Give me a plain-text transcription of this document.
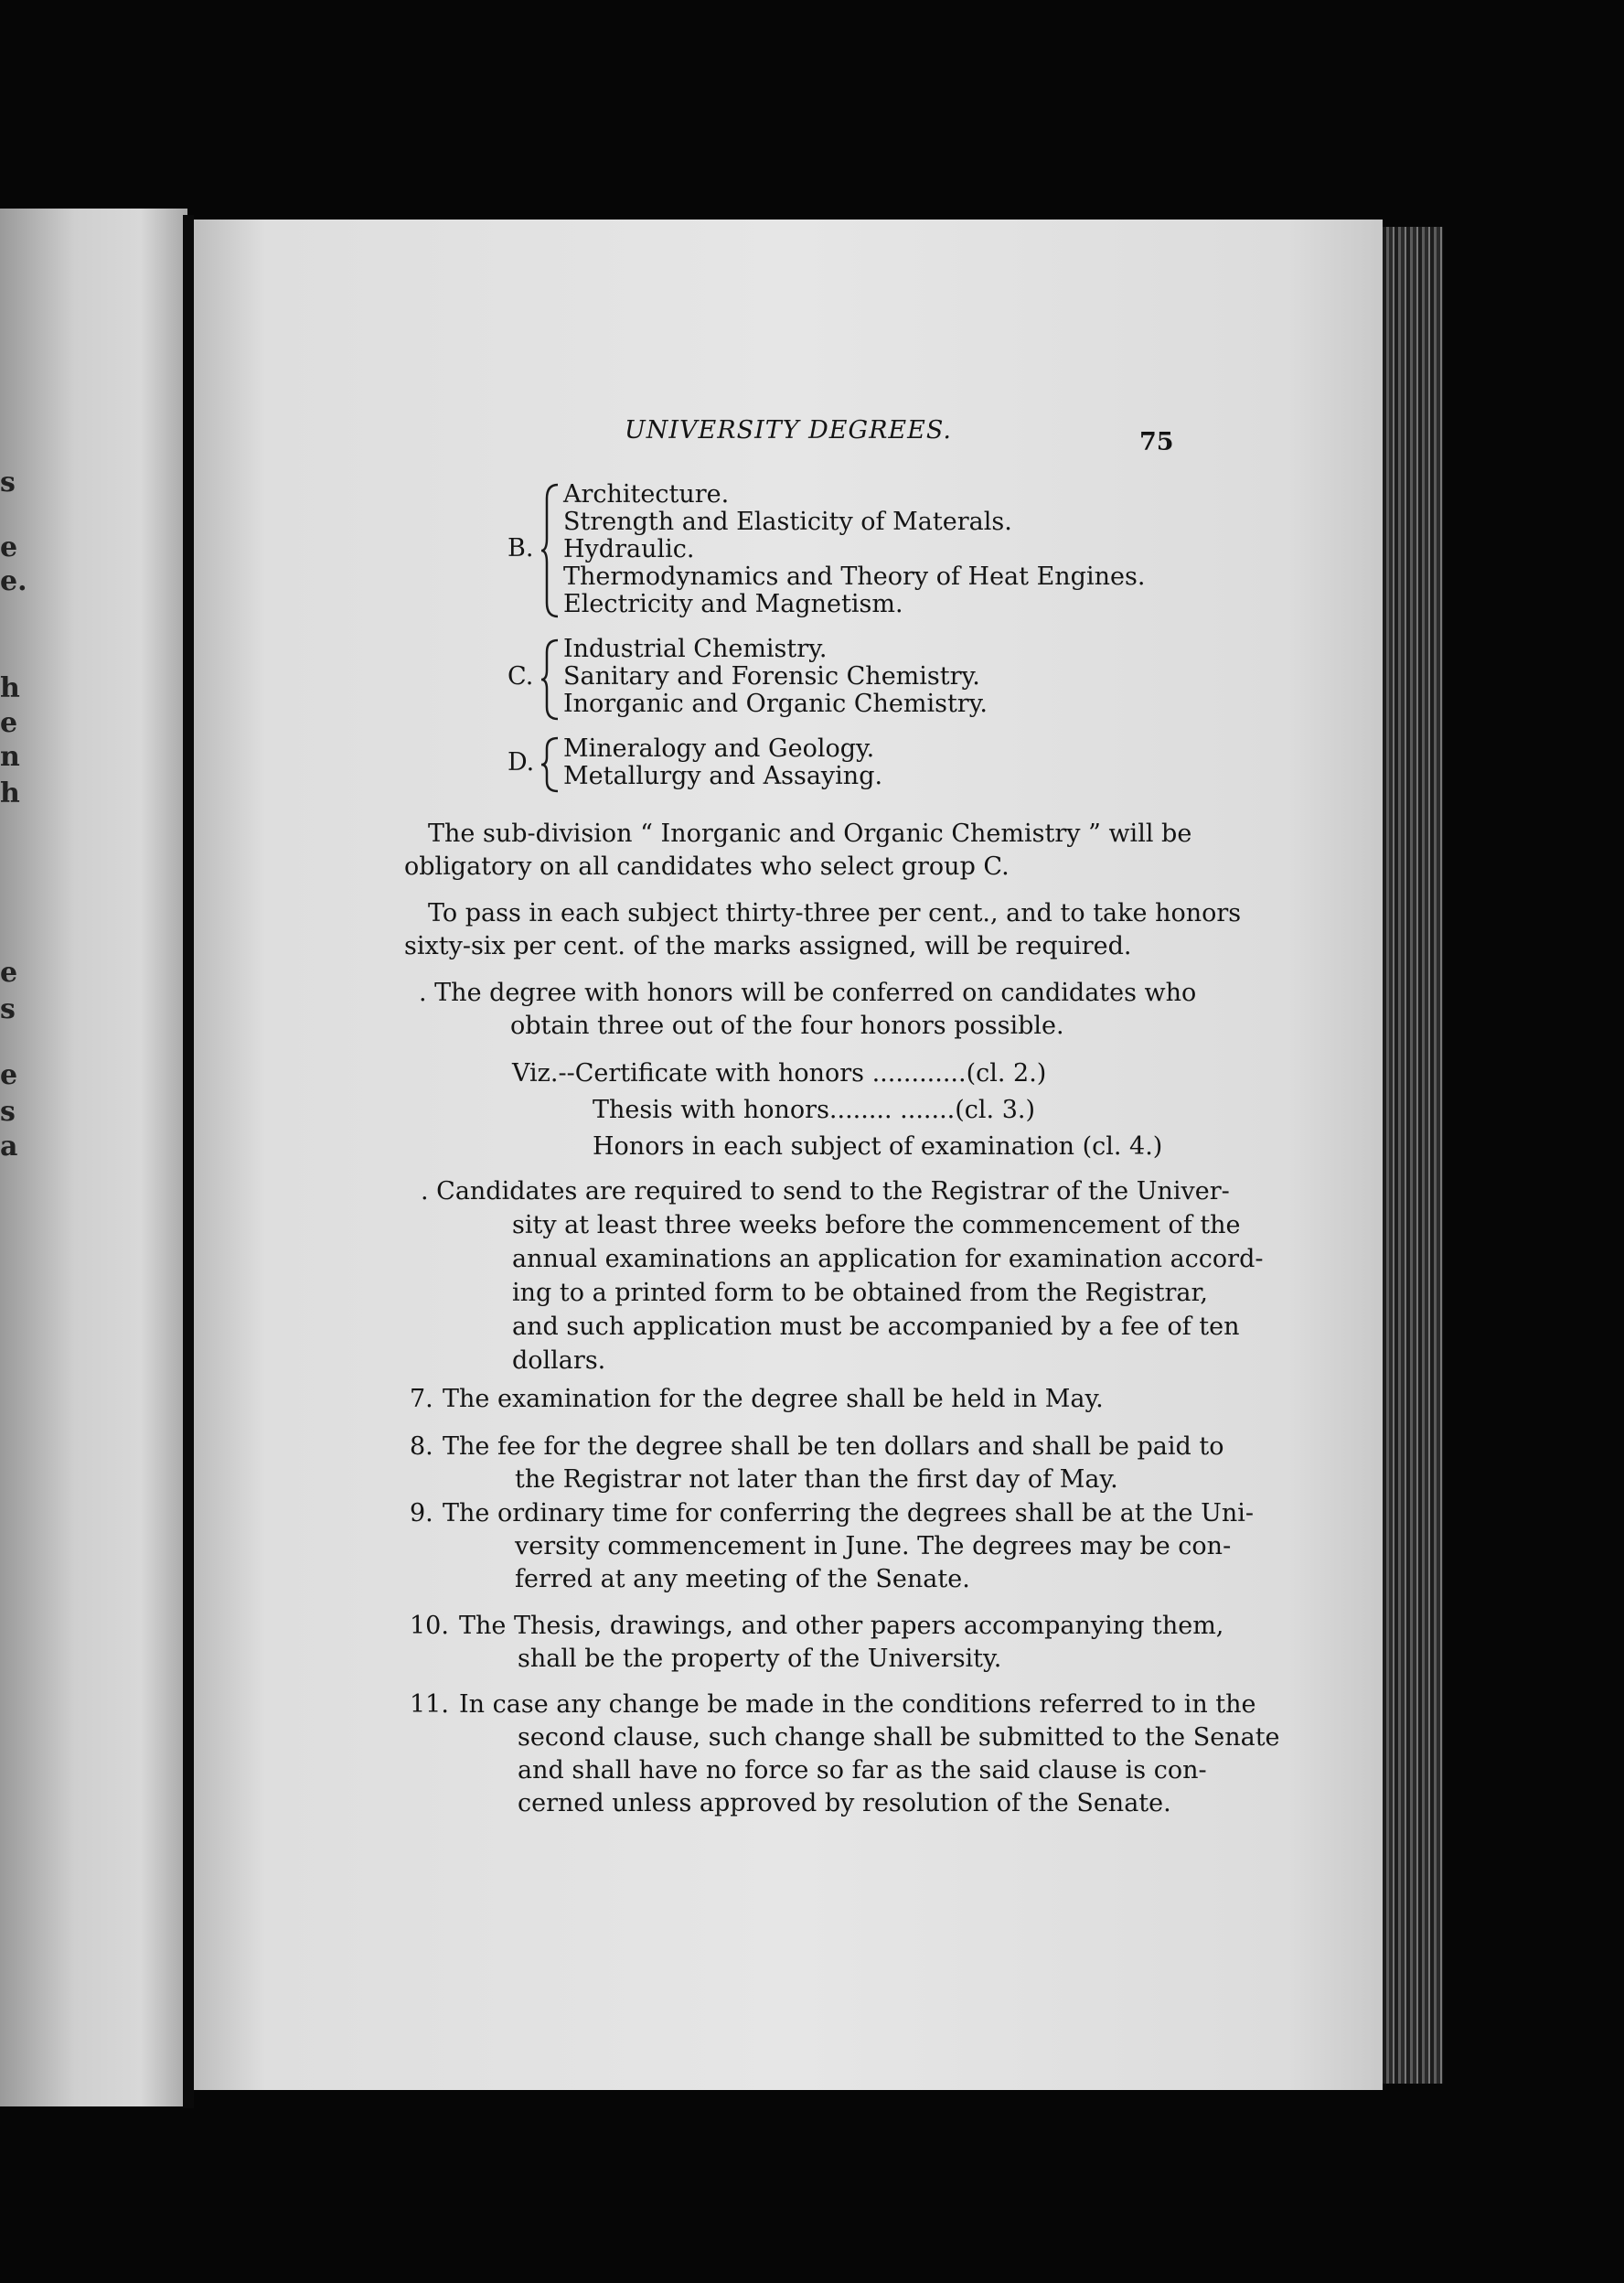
s
e
e.
h
e
n
h
e
s
e
s
a
UNIVERSITY DEGREES.	75
B.
Architecture.
Strength and Elasticity of Materals.
Hydraulic.
Thermodynamics and Theory of Heat Engines.
Electricity and Magnetism.
C.
Industrial Chemistry.
Sanitary and Forensic Chemistry.
Inorganic and Organic Chemistry.
D. Mineralogy and Geology.
Metallurgy and Assaying.
The sub-division “ Inorganic and Organic Chemistry ” will be
obligatory on all candidates who select group C.
To pass in each subject thirty-three per cent., and to take honors
sixty-six per cent. of the marks assigned, will be required.
. The degree with honors will be conferred on candidates who
obtain three out of the four honors possible.
Viz.--Certificate with honors ............(cl. 2.)
Thesis with honors........ .......(cl. 3.)
Honors in each subject of examination (cl. 4.)
. Candidates are required to send to the Registrar of the Univer-
sity at least three weeks before the commencement of the
annual examinations an application for examination accord-
ing to a printed form to be obtained from the Registrar,
and such application must be accompanied by a fee of ten
dollars.
7. The examination for the degree shall be held in May.
8. The fee for the degree shall be ten dollars and shall be paid to
the Registrar not later than the first day of May.
9. The ordinary time for conferring the degrees shall be at the Uni-
versity commencement in June. The degrees may be con-
ferred at any meeting of the Senate.
10. The Thesis, drawings, and other papers accompanying them,
shall be the property of the University.
11. In case any change be made in the conditions referred to in the
second clause, such change shall be submitted to the Senate
and shall have no force so far as the said clause is con-
cerned unless approved by resolution of the Senate.
